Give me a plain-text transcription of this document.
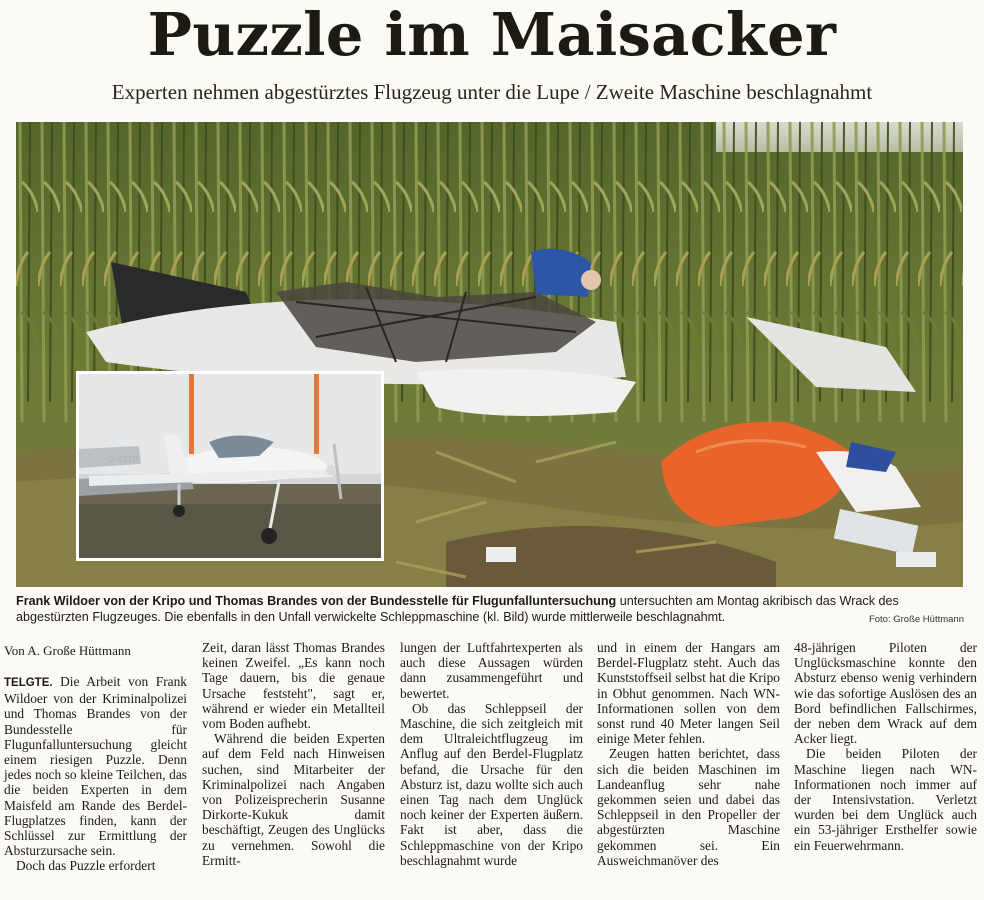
Puzzle im Maisacker
Experten nehmen abgestürztes Flugzeug unter die Lupe / Zweite Maschine beschlagnahmt
Frank Wildoer von der Kripo und Thomas Brandes von der Bundesstelle für Flugunfalluntersuchung untersuchten am Montag akribisch das Wrack des abgestürzten Flugzeuges. Die ebenfalls in den Unfall verwickelte Schleppmaschine (kl. Bild) wurde mittlerweile beschlagnahmt.	Foto: Große Hüttmann
Von A. Große Hüttmann

TELGTE. Die Arbeit von Frank Wildoer von der Kriminalpolizei und Thomas Brandes von der Bundesstelle für Flugunfalluntersuchung gleicht einem riesigen Puzzle. Denn jedes noch so kleine Teilchen, das die beiden Experten in dem Maisfeld am Rande des Berdel-Flugplatzes finden, kann der Schlüssel zur Ermittlung der Absturzursache sein.

Doch das Puzzle erfordert

Zeit, daran lässt Thomas Brandes keinen Zweifel. „Es kann noch Tage dauern, bis die genaue Ursache feststeht", sagt er, während er wieder ein Metallteil vom Boden aufhebt.

Während die beiden Experten auf dem Feld nach Hinweisen suchen, sind Mitarbeiter der Kriminalpolizei nach Angaben von Polizeisprecherin Susanne Dirkorte-Kukuk damit beschäftigt, Zeugen des Unglücks zu vernehmen. Sowohl die Ermitt-

lungen der Luftfahrtexperten als auch diese Aussagen würden dann zusammengeführt und bewertet.

Ob das Schleppseil der Maschine, die sich zeitgleich mit dem Ultraleichtflugzeug im Anflug auf den Berdel-Flugplatz befand, die Ursache für den Absturz ist, dazu wollte sich auch einen Tag nach dem Unglück noch keiner der Experten äußern. Fakt ist aber, dass die Schleppmaschine von der Kripo beschlagnahmt wurde

und in einem der Hangars am Berdel-Flugplatz steht. Auch das Kunststoffseil selbst hat die Kripo in Obhut genommen. Nach WN-Informationen sollen von dem sonst rund 40 Meter langen Seil einige Meter fehlen.

Zeugen hatten berichtet, dass sich die beiden Maschinen im Landeanflug sehr nahe gekommen seien und dabei das Schleppseil in den Propeller der abgestürzten Maschine gekommen sei. Ein Ausweichmanöver des

48-jährigen Piloten der Unglücksmaschine konnte den Absturz ebenso wenig verhindern wie das sofortige Auslösen des an Bord befindlichen Fallschirmes, der neben dem Wrack auf dem Acker liegt.

Die beiden Piloten der Maschine liegen nach WN-Informationen noch immer auf der Intensivstation. Verletzt wurden bei dem Unglück auch ein 53-jähriger Ersthelfer sowie ein Feuerwehrmann.
